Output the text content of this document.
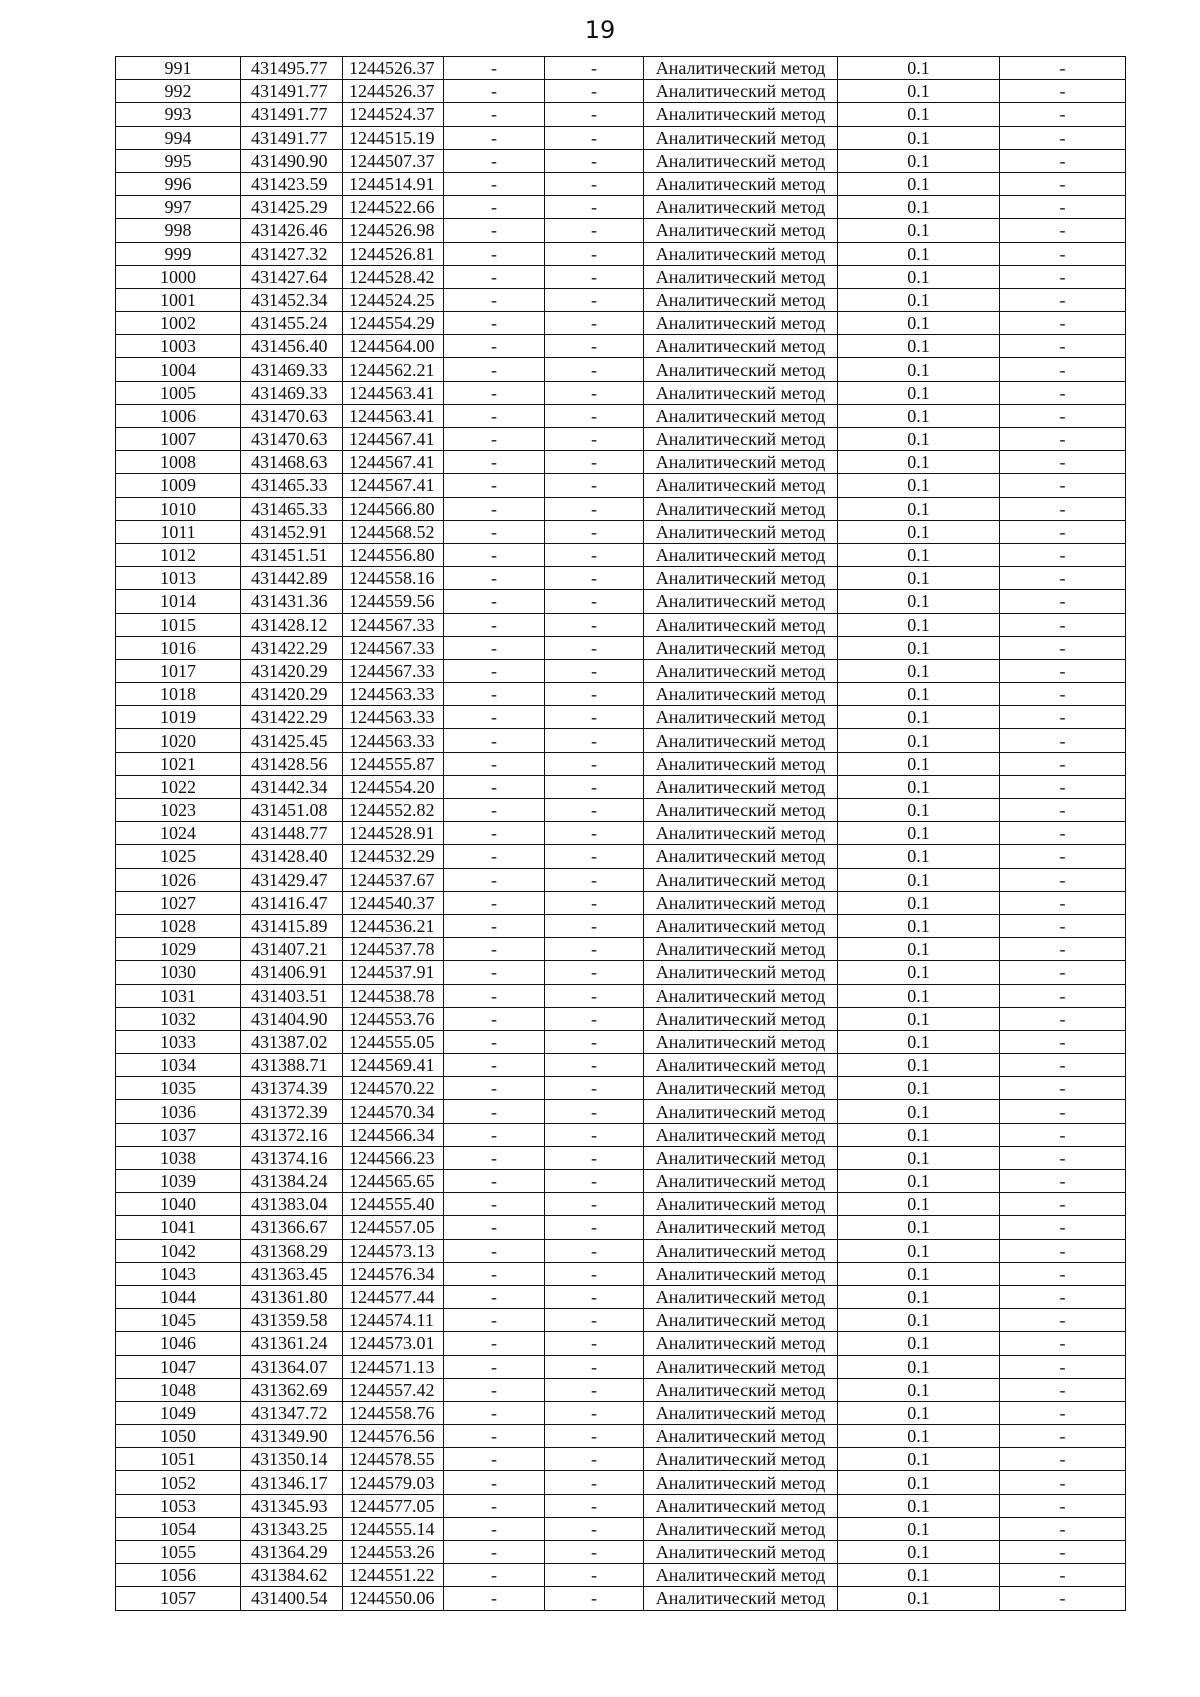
19
991	431495.77	1244526.37	-	-	Аналитический метод	0.1	-
992	431491.77	1244526.37	-	-	Аналитический метод	0.1	-
993	431491.77	1244524.37	-	-	Аналитический метод	0.1	-
994	431491.77	1244515.19	-	-	Аналитический метод	0.1	-
995	431490.90	1244507.37	-	-	Аналитический метод	0.1	-
996	431423.59	1244514.91	-	-	Аналитический метод	0.1	-
997	431425.29	1244522.66	-	-	Аналитический метод	0.1	-
998	431426.46	1244526.98	-	-	Аналитический метод	0.1	-
999	431427.32	1244526.81	-	-	Аналитический метод	0.1	-
1000	431427.64	1244528.42	-	-	Аналитический метод	0.1	-
1001	431452.34	1244524.25	-	-	Аналитический метод	0.1	-
1002	431455.24	1244554.29	-	-	Аналитический метод	0.1	-
1003	431456.40	1244564.00	-	-	Аналитический метод	0.1	-
1004	431469.33	1244562.21	-	-	Аналитический метод	0.1	-
1005	431469.33	1244563.41	-	-	Аналитический метод	0.1	-
1006	431470.63	1244563.41	-	-	Аналитический метод	0.1	-
1007	431470.63	1244567.41	-	-	Аналитический метод	0.1	-
1008	431468.63	1244567.41	-	-	Аналитический метод	0.1	-
1009	431465.33	1244567.41	-	-	Аналитический метод	0.1	-
1010	431465.33	1244566.80	-	-	Аналитический метод	0.1	-
1011	431452.91	1244568.52	-	-	Аналитический метод	0.1	-
1012	431451.51	1244556.80	-	-	Аналитический метод	0.1	-
1013	431442.89	1244558.16	-	-	Аналитический метод	0.1	-
1014	431431.36	1244559.56	-	-	Аналитический метод	0.1	-
1015	431428.12	1244567.33	-	-	Аналитический метод	0.1	-
1016	431422.29	1244567.33	-	-	Аналитический метод	0.1	-
1017	431420.29	1244567.33	-	-	Аналитический метод	0.1	-
1018	431420.29	1244563.33	-	-	Аналитический метод	0.1	-
1019	431422.29	1244563.33	-	-	Аналитический метод	0.1	-
1020	431425.45	1244563.33	-	-	Аналитический метод	0.1	-
1021	431428.56	1244555.87	-	-	Аналитический метод	0.1	-
1022	431442.34	1244554.20	-	-	Аналитический метод	0.1	-
1023	431451.08	1244552.82	-	-	Аналитический метод	0.1	-
1024	431448.77	1244528.91	-	-	Аналитический метод	0.1	-
1025	431428.40	1244532.29	-	-	Аналитический метод	0.1	-
1026	431429.47	1244537.67	-	-	Аналитический метод	0.1	-
1027	431416.47	1244540.37	-	-	Аналитический метод	0.1	-
1028	431415.89	1244536.21	-	-	Аналитический метод	0.1	-
1029	431407.21	1244537.78	-	-	Аналитический метод	0.1	-
1030	431406.91	1244537.91	-	-	Аналитический метод	0.1	-
1031	431403.51	1244538.78	-	-	Аналитический метод	0.1	-
1032	431404.90	1244553.76	-	-	Аналитический метод	0.1	-
1033	431387.02	1244555.05	-	-	Аналитический метод	0.1	-
1034	431388.71	1244569.41	-	-	Аналитический метод	0.1	-
1035	431374.39	1244570.22	-	-	Аналитический метод	0.1	-
1036	431372.39	1244570.34	-	-	Аналитический метод	0.1	-
1037	431372.16	1244566.34	-	-	Аналитический метод	0.1	-
1038	431374.16	1244566.23	-	-	Аналитический метод	0.1	-
1039	431384.24	1244565.65	-	-	Аналитический метод	0.1	-
1040	431383.04	1244555.40	-	-	Аналитический метод	0.1	-
1041	431366.67	1244557.05	-	-	Аналитический метод	0.1	-
1042	431368.29	1244573.13	-	-	Аналитический метод	0.1	-
1043	431363.45	1244576.34	-	-	Аналитический метод	0.1	-
1044	431361.80	1244577.44	-	-	Аналитический метод	0.1	-
1045	431359.58	1244574.11	-	-	Аналитический метод	0.1	-
1046	431361.24	1244573.01	-	-	Аналитический метод	0.1	-
1047	431364.07	1244571.13	-	-	Аналитический метод	0.1	-
1048	431362.69	1244557.42	-	-	Аналитический метод	0.1	-
1049	431347.72	1244558.76	-	-	Аналитический метод	0.1	-
1050	431349.90	1244576.56	-	-	Аналитический метод	0.1	-
1051	431350.14	1244578.55	-	-	Аналитический метод	0.1	-
1052	431346.17	1244579.03	-	-	Аналитический метод	0.1	-
1053	431345.93	1244577.05	-	-	Аналитический метод	0.1	-
1054	431343.25	1244555.14	-	-	Аналитический метод	0.1	-
1055	431364.29	1244553.26	-	-	Аналитический метод	0.1	-
1056	431384.62	1244551.22	-	-	Аналитический метод	0.1	-
1057	431400.54	1244550.06	-	-	Аналитический метод	0.1	-
